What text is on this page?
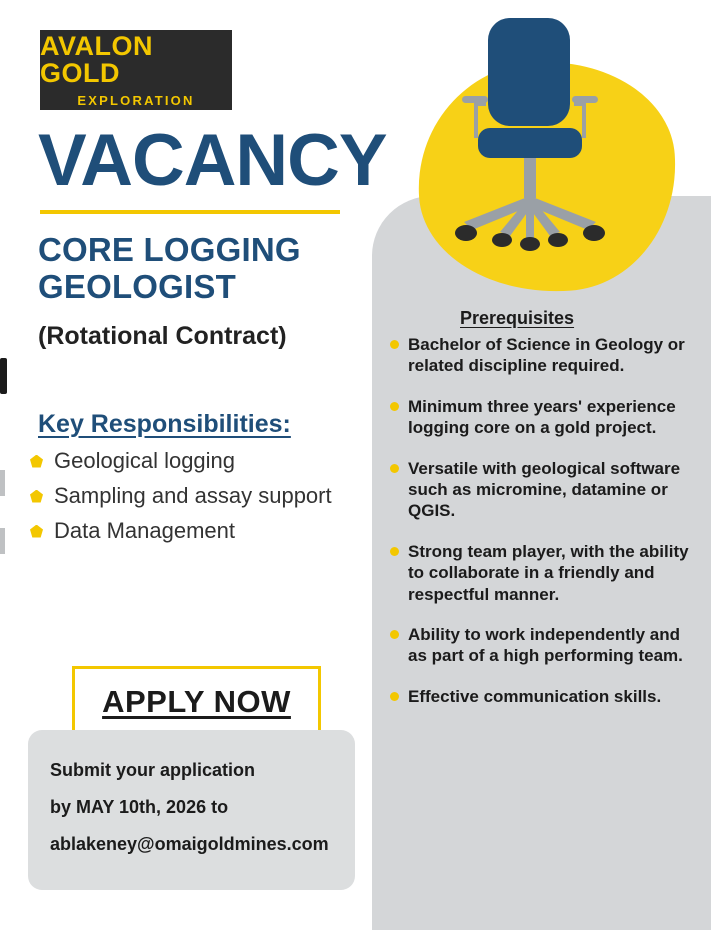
AVALON GOLD
EXPLORATION
VACANCY
CORE LOGGING GEOLOGIST
(Rotational Contract)
Key Responsibilities:
Geological logging
Sampling and assay support
Data Management
APPLY NOW
Submit your application
by MAY 10th, 2026 to
ablakeney@omaigoldmines.com
Prerequisites
Bachelor of Science in Geology or related discipline required.
Minimum three years' experience logging core on a gold project.
Versatile with geological software such as micromine, datamine or QGIS.
Strong team player, with the ability to collaborate in a friendly and respectful manner.
Ability to work independently and as part of a high performing team.
Effective communication skills.
